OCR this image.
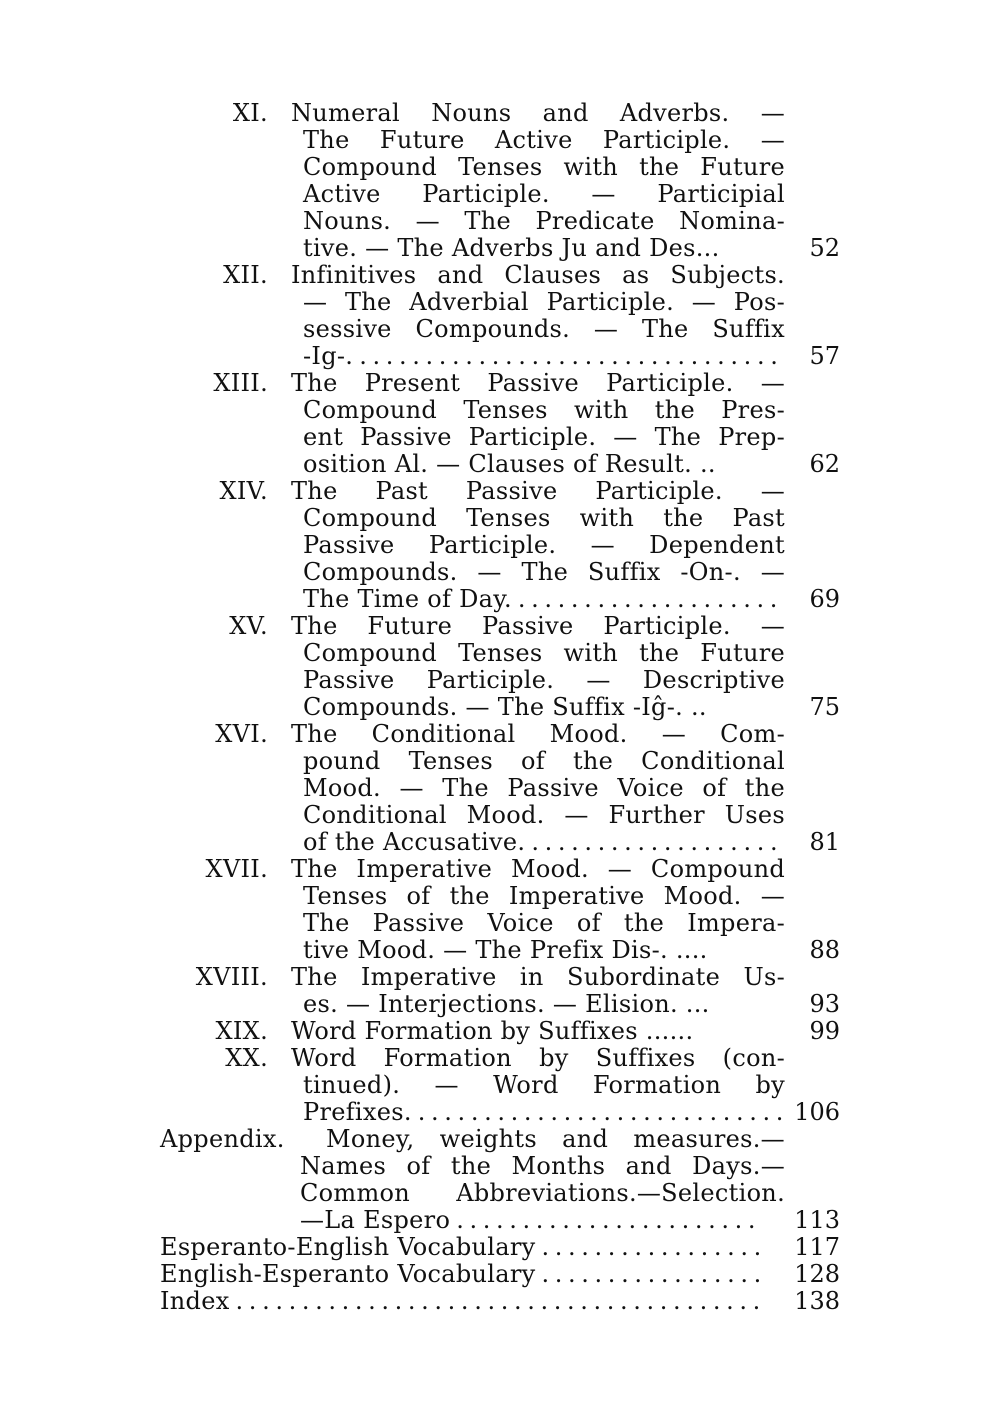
XI. Numeral Nouns and Adverbs. —
The Future Active Participle. —
Compound Tenses with the Future
Active Participle. — Participial
Nouns. — The Predicate Nomina-
tive. — The Adverbs Ju and Des...	52
XII. Infinitives and Clauses as Subjects.
— The Adverbial Participle. — Pos-
sessive Compounds. — The Suffix
-Ig-. . . .	57
XIII. The Present Passive Participle. —
Compound Tenses with the Pres-
ent Passive Participle. — The Prep-
osition Al. — Clauses of Result. ..	62
XIV. The Past Passive Participle. —
Compound Tenses with the Past
Passive Participle. — Dependent
Compounds. — The Suffix -On-. —
The Time of Day. . . .	69
XV. The Future Passive Participle. —
Compound Tenses with the Future
Passive Participle. — Descriptive
Compounds. — The Suffix -Iĝ-. ..	75
XVI. The Conditional Mood. — Com-
pound Tenses of the Conditional
Mood. — The Passive Voice of the
Conditional Mood. — Further Uses
of the Accusative. . . .	81
XVII. The Imperative Mood. — Compound
Tenses of the Imperative Mood. —
The Passive Voice of the Impera-
tive Mood. — The Prefix Dis-. ....	88
XVIII. The Imperative in Subordinate Us-
es. — Interjections. — Elision. ...	93
XIX. Word Formation by Suffixes ......	99
XX. Word Formation by Suffixes (con-
tinued). — Word Formation by
Prefixes. . . .	106
Appendix. Money, weights and measures.—
Names of the Months and Days.—
Common Abbreviations.—Selection.
—La Espero . . .	113
Esperanto-English Vocabulary . . .	117
English-Esperanto Vocabulary . . .	128
Index . . .	138
